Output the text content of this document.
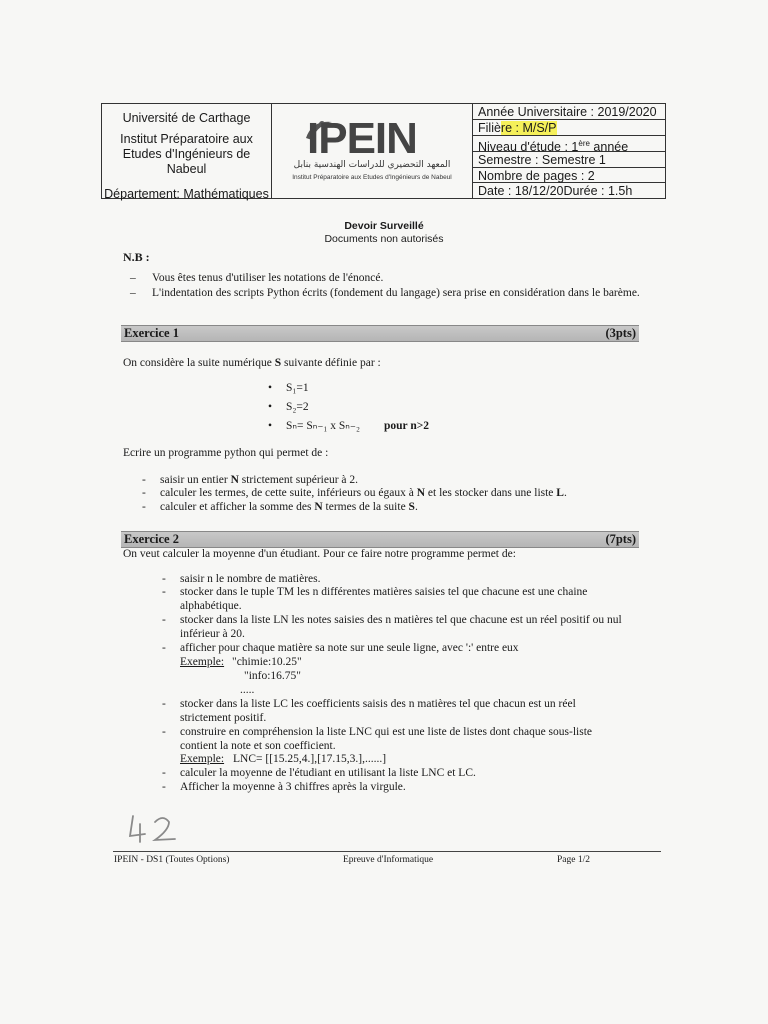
Université de Carthage
Institut Préparatoire aux Etudes d'Ingénieurs de Nabeul
Département: Mathématiques
IPEIN
المعهد التحضيري للدراسات الهندسية بنابل
Institut Préparatoire aux Etudes d'Ingénieurs de Nabeul
Année Universitaire : 2019/2020
Filière : M/S/P
Niveau d'étude : 1ère année
Semestre : Semestre 1
Nombre de pages : 2
Date : 18/12/20Durée : 1.5h
Devoir Surveillé
Documents non autorisés
N.B :
– Vous êtes tenus d'utiliser les notations de l'énoncé.
– L'indentation des scripts Python écrits (fondement du langage) sera prise en considération dans le barème.
Exercice 1	(3pts)
On considère la suite numérique S suivante définie par :
• S₁=1
• S₂=2
• Sₙ= Sₙ₋₁ x Sₙ₋₂ pour n>2
Ecrire un programme python qui permet de :
- saisir un entier N strictement supérieur à 2.
- calculer les termes, de cette suite, inférieurs ou égaux à N et les stocker dans une liste L.
- calculer et afficher la somme des N termes de la suite S.
Exercice 2	(7pts)
On veut calculer la moyenne d'un étudiant. Pour ce faire notre programme permet de:
- saisir n le nombre de matières.
- stocker dans le tuple TM les n différentes matières saisies tel que chacune est une chaine
alphabétique.
- stocker dans la liste LN les notes saisies des n matières tel que chacune est un réel positif ou nul
inférieur à 20.
- afficher pour chaque matière sa note sur une seule ligne, avec ':' entre eux
Exemple: "chimie:10.25"
"info:16.75"
.....
- stocker dans la liste LC les coefficients saisis des n matières tel que chacun est un réel
strictement positif.
- construire en compréhension la liste LNC qui est une liste de listes dont chaque sous-liste
contient la note et son coefficient.
Exemple: LNC= [[15.25,4.],[17.15,3.],......]
- calculer la moyenne de l'étudiant en utilisant la liste LNC et LC.
- Afficher la moyenne à 3 chiffres après la virgule.
IPEIN - DS1 (Toutes Options)	Epreuve d'Informatique	Page 1/2
